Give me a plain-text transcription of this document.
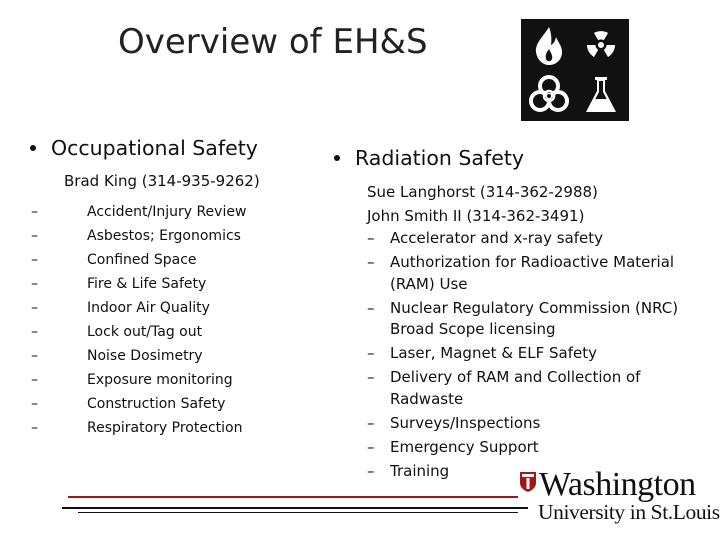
Overview of EH&S
Occupational Safety
Brad King (314-935-9262)
–	Accident/Injury Review
–	Asbestos; Ergonomics
–	Confined Space
–	Fire & Life Safety
–	Indoor Air Quality
–	Lock out/Tag out
–	Noise Dosimetry
–	Exposure monitoring
–	Construction Safety
–	Respiratory Protection
Radiation Safety
Sue Langhorst (314-362-2988)
John Smith II (314-362-3491)
–	Accelerator and x-ray safety
–	Authorization for Radioactive Material (RAM) Use
–	Nuclear Regulatory Commission (NRC) Broad Scope licensing
–	Laser, Magnet & ELF Safety
–	Delivery of RAM and Collection of Radwaste
–	Surveys/Inspections
–	Emergency Support
–	Training	Washington
University in St.Louis
